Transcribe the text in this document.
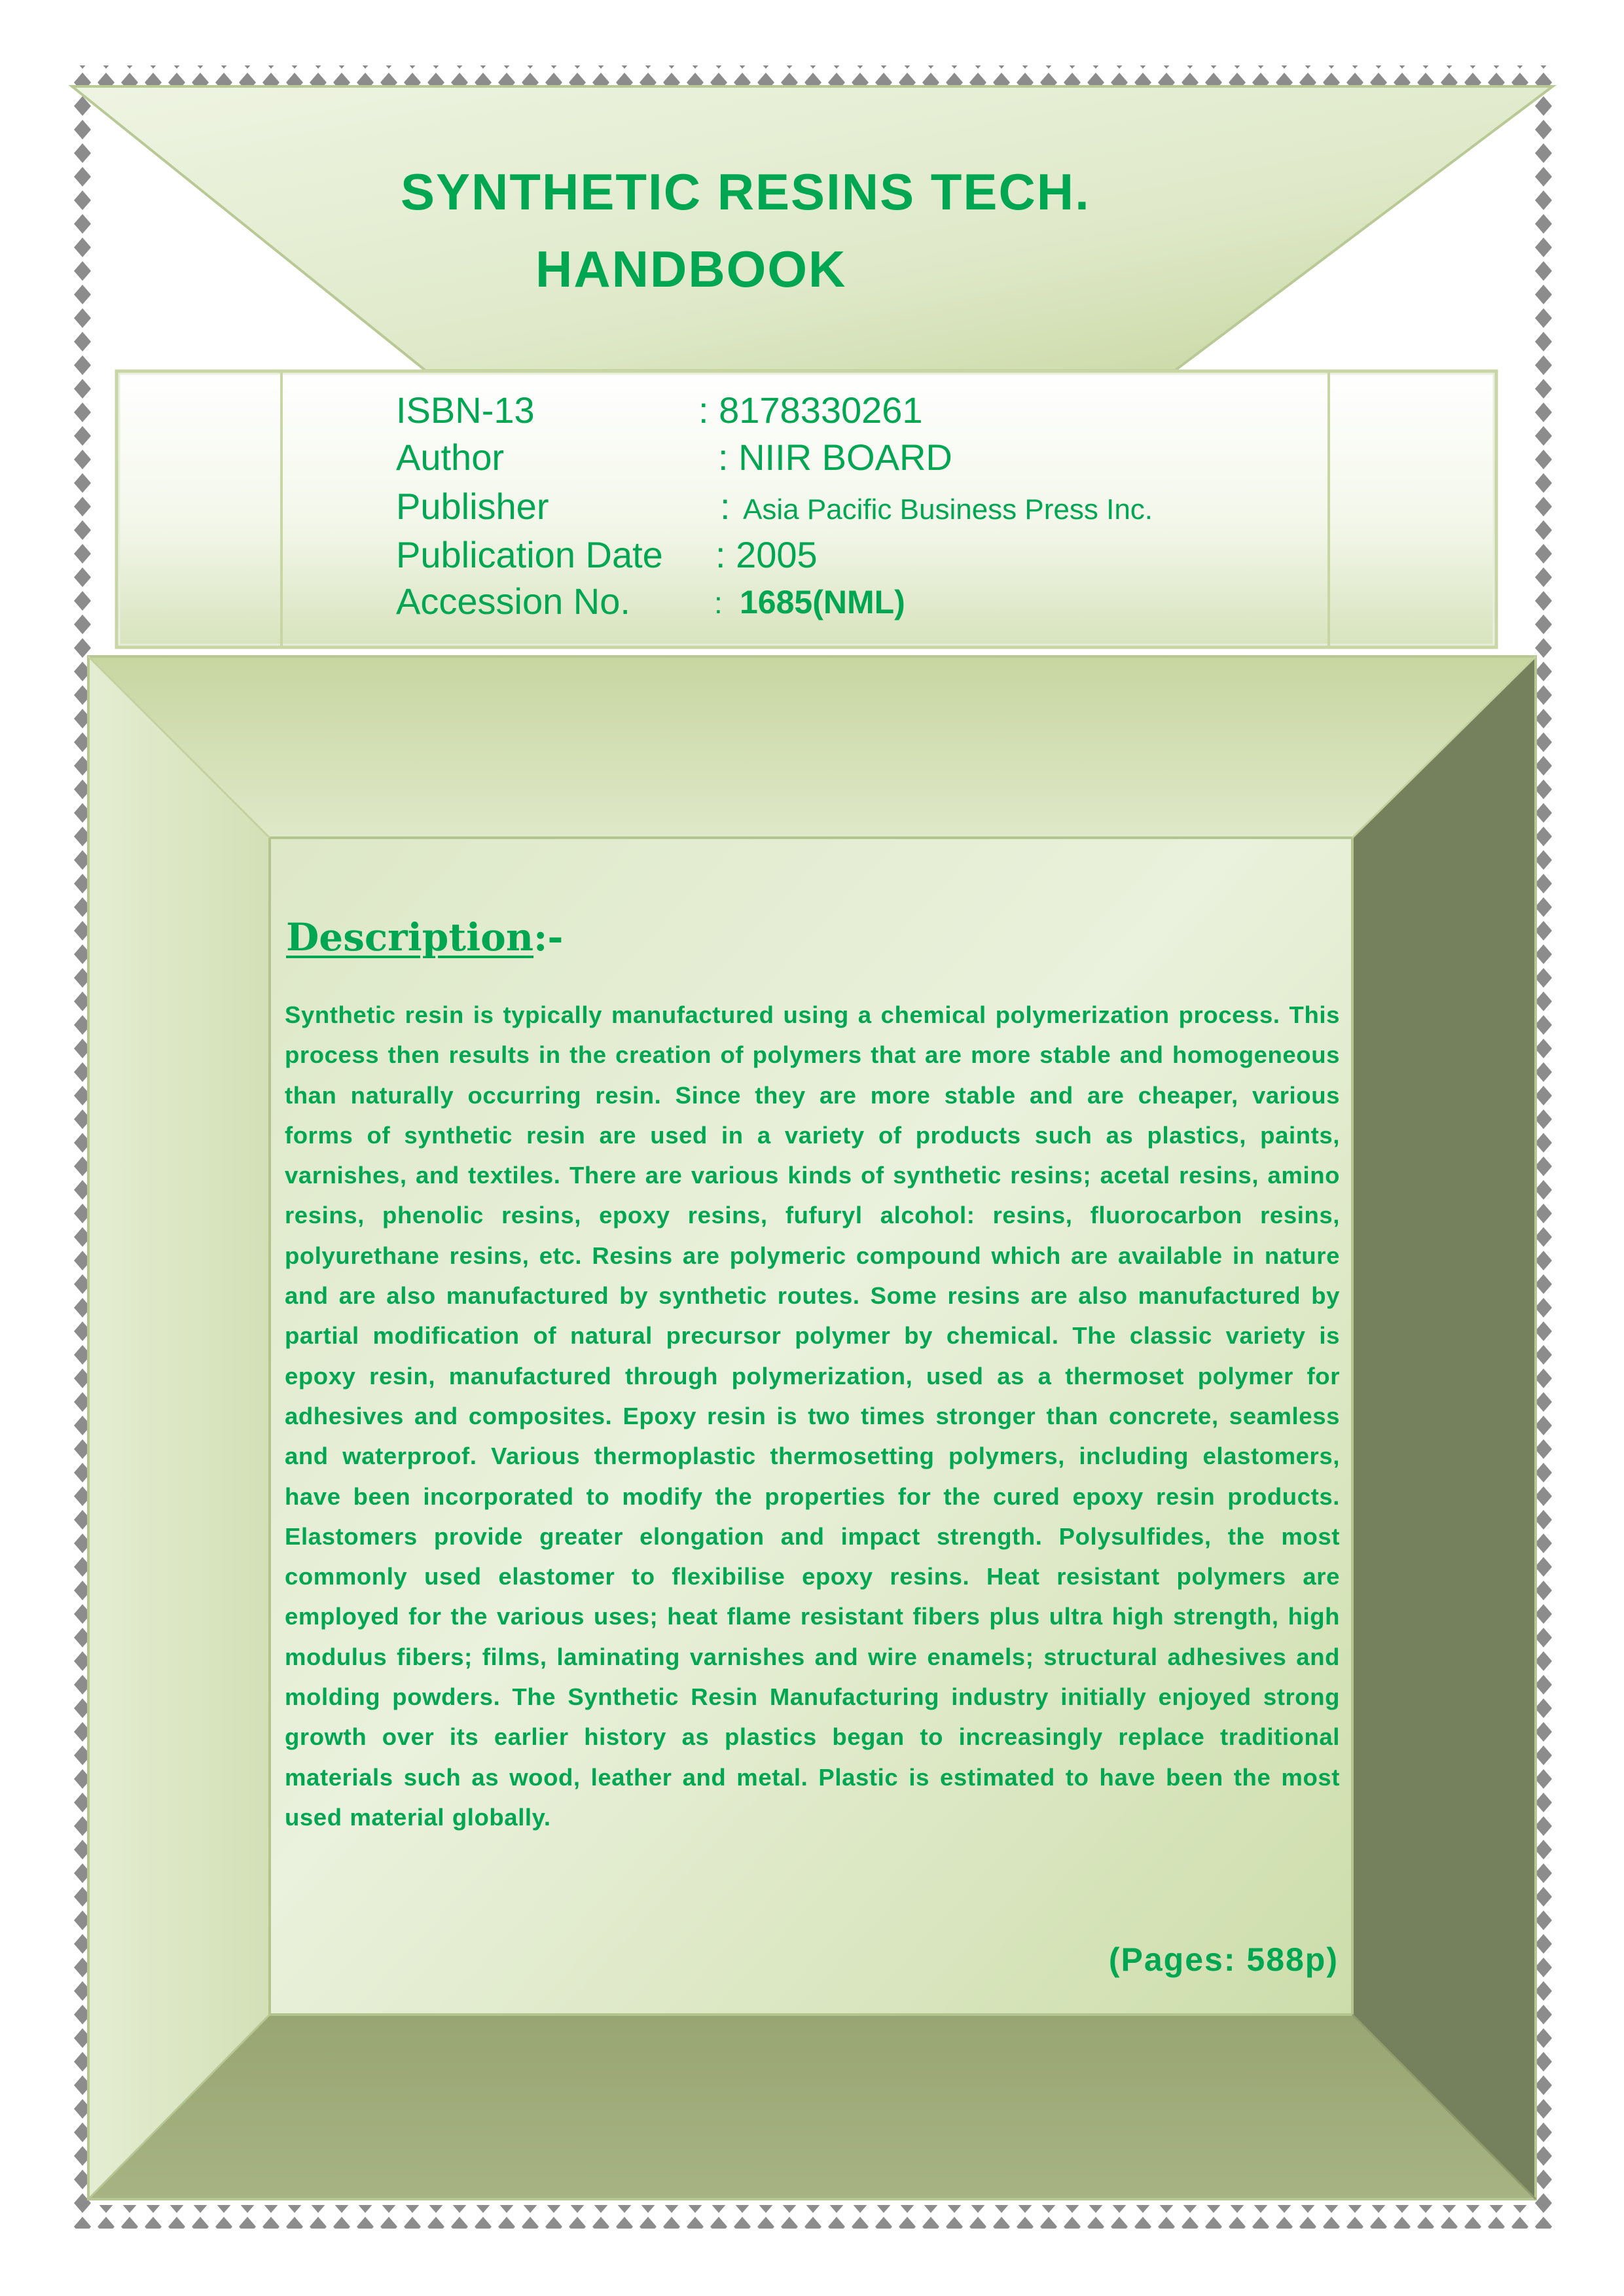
SYNTHETIC RESINS TECH.
HANDBOOK
ISBN-13	: 8178330261
Author	: NIIR BOARD
Publisher	: Asia Pacific Business Press Inc.
Publication Date : 2005
Accession No.	: 1685(NML)
Description:-

Synthetic resin is typically manufactured using a chemical polymerization process. This process then results in the creation of polymers that are more stable and homogeneous than naturally occurring resin. Since they are more stable and are cheaper, various forms of synthetic resin are used in a variety of products such as plastics, paints, varnishes, and textiles. There are various kinds of synthetic resins; acetal resins, amino resins, phenolic resins, epoxy resins, fufuryl alcohol: resins, fluorocarbon resins, polyurethane resins, etc. Resins are polymeric compound which are available in nature and are also manufactured by synthetic routes. Some resins are also manufactured by partial modification of natural precursor polymer by chemical. The classic variety is epoxy resin, manufactured through polymerization, used as a thermoset polymer for adhesives and composites. Epoxy resin is two times stronger than concrete, seamless and waterproof. Various thermoplastic thermosetting polymers, including elastomers, have been incorporated to modify the properties for the cured epoxy resin products. Elastomers provide greater elongation and impact strength. Polysulfides, the most commonly used elastomer to flexibilise epoxy resins. Heat resistant polymers are employed for the various uses; heat flame resistant fibers plus ultra high strength, high modulus fibers; films, laminating varnishes and wire enamels; structural adhesives and molding powders. The Synthetic Resin Manufacturing industry initially enjoyed strong growth over its earlier history as plastics began to increasingly replace traditional materials such as wood, leather and metal. Plastic is estimated to have been the most used material globally.

(Pages: 588p)
